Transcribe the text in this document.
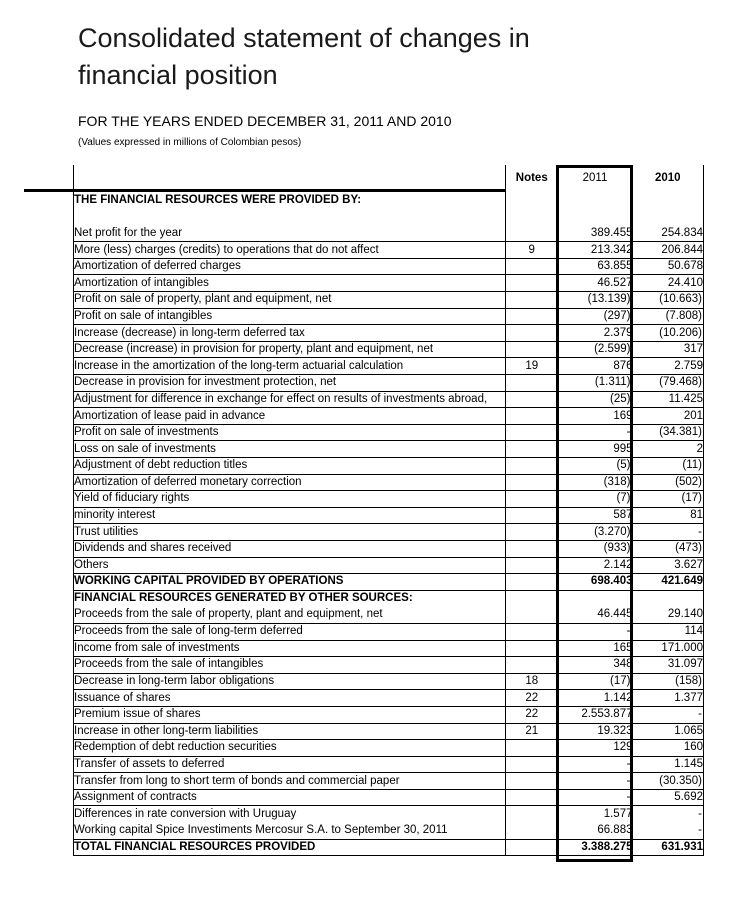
Consolidated statement of changes in
financial position
FOR THE YEARS ENDED DECEMBER 31, 2011 AND 2010
(Values expressed in millions of Colombian pesos)
	Notes	2011	2010
THE FINANCIAL RESOURCES WERE PROVIDED BY:			

Net profit for the year		389.455	254.834
More (less) charges (credits) to operations that do not affect	9	213.342	206.844
Amortization of deferred charges		63.855	50.678
Amortization of intangibles		46.527	24.410
Profit on sale of property, plant and equipment, net		(13.139)	(10.663)
Profit on sale of intangibles		(297)	(7.808)
Increase (decrease) in long-term deferred tax		2.379	(10.206)
Decrease (increase) in provision for property, plant and equipment, net		(2.599)	317
Increase in the amortization of the long-term actuarial calculation	19	876	2.759
Decrease in provision for investment protection, net		(1.311)	(79.468)
Adjustment for difference in exchange for effect on results of investments abroad,		(25)	11.425
Amortization of lease paid in advance		169	201
Profit on sale of investments		-	(34.381)
Loss on sale of investments		995	2
Adjustment of debt reduction titles		(5)	(11)
Amortization of deferred monetary correction		(318)	(502)
Yield of fiduciary rights		(7)	(17)
minority interest		587	81
Trust utilities		(3.270)	-
Dividends and shares received		(933)	(473)
Others		2.142	3.627
WORKING CAPITAL PROVIDED BY OPERATIONS		698.403	421.649
FINANCIAL RESOURCES GENERATED BY OTHER SOURCES:			
Proceeds from the sale of property, plant and equipment, net		46.445	29.140
Proceeds from the sale of long-term deferred		-	114
Income from sale of investments		165	171.000
Proceeds from the sale of intangibles		348	31.097
Decrease in long-term labor obligations	18	(17)	(158)
Issuance of shares	22	1.142	1.377
Premium issue of shares	22	2.553.877	-
Increase in other long-term liabilities	21	19.323	1.065
Redemption of debt reduction securities		129	160
Transfer of assets to deferred		-	1.145
Transfer from long to short term of bonds and commercial paper		-	(30.350)
Assignment of contracts		-	5.692
Differences in rate conversion with Uruguay		1.577	-
Working capital Spice Investiments Mercosur S.A. to September 30, 2011		66.883	-
TOTAL FINANCIAL RESOURCES PROVIDED		3.388.275	631.931
